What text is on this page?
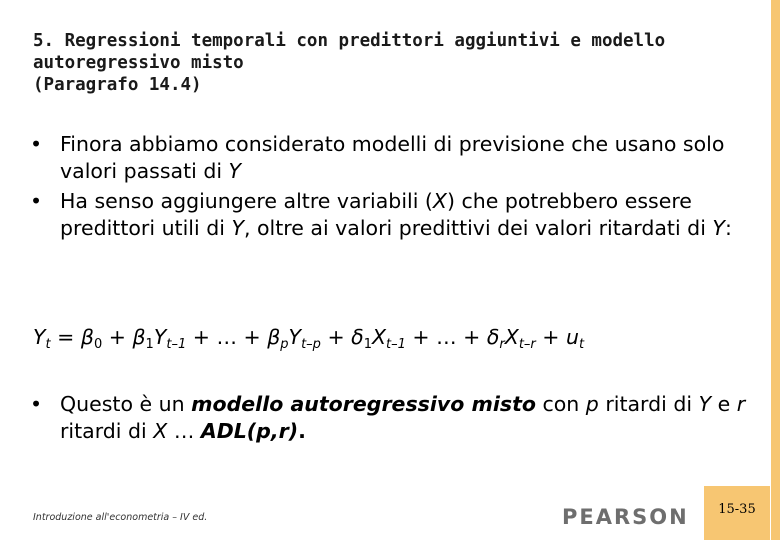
5. Regressioni temporali con predittori aggiuntivi e modello
autoregressivo misto
(Paragrafo 14.4)
• Finora abbiamo considerato modelli di previsione che usano solo valori passati di Y
• Ha senso aggiungere altre variabili (X) che potrebbero essere predittori utili di Y, oltre ai valori predittivi dei valori ritardati di Y:
$Y_t = \beta_0 + \beta_1Y_{t-1}$ + … + $\beta_pY_{t-p} + \delta_1X_{t-1}$ + … + $\delta_rX_{t-r} + u_t$
• Questo è un modello autoregressivo misto con p ritardi di Y e r ritardi di X … ADL(p,r).
Introduzione all'econometria – IV ed.	PEARSON	15-35
